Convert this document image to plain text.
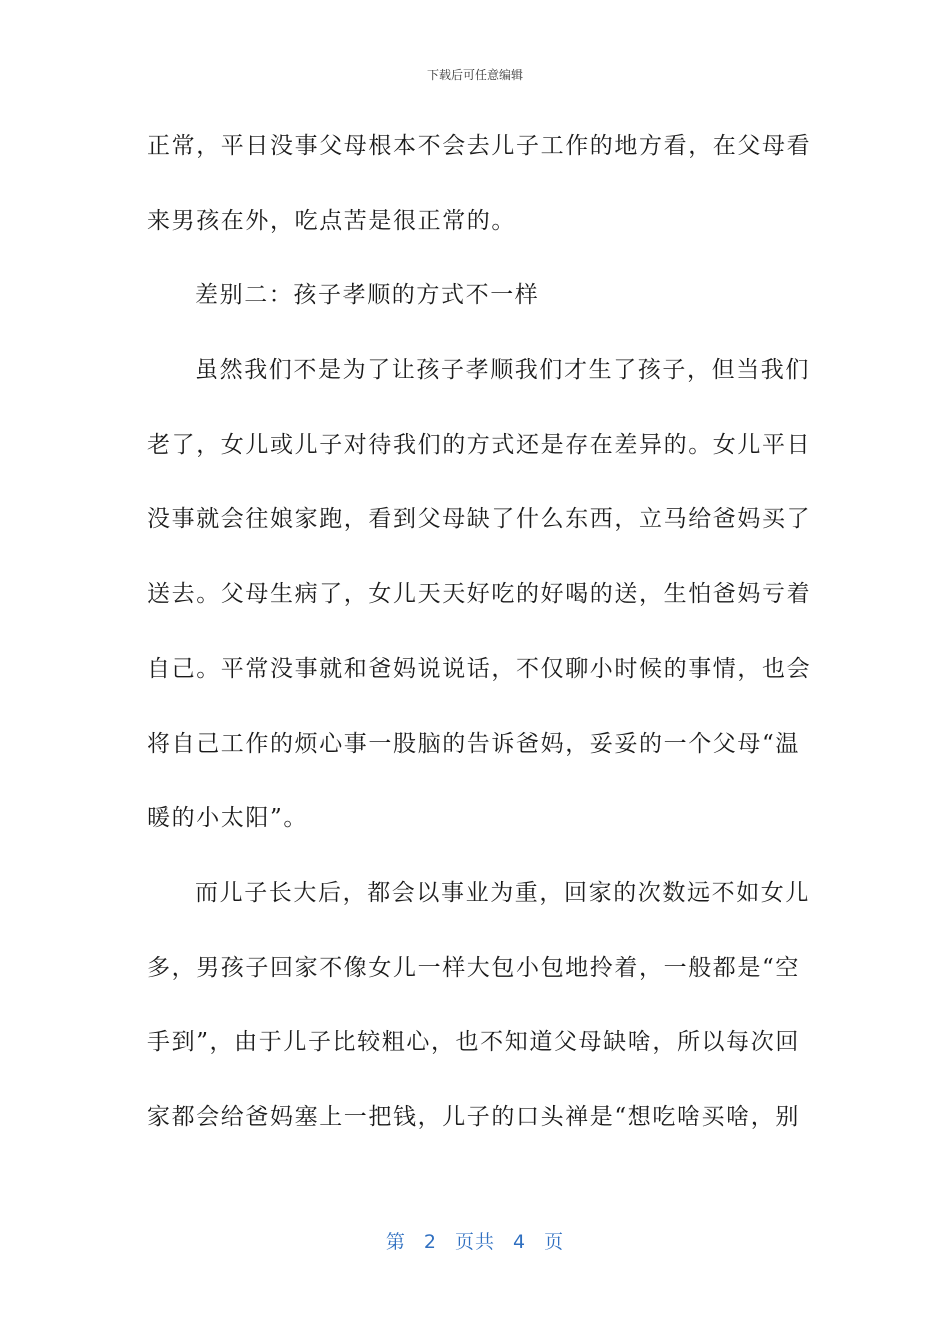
下载后可任意编辑
正常，平日没事父母根本不会去儿子工作的地方看，在父母看
来男孩在外，吃点苦是很正常的。
差别二：孩子孝顺的方式不一样
虽然我们不是为了让孩子孝顺我们才生了孩子，但当我们
老了，女儿或儿子对待我们的方式还是存在差异的。女儿平日
没事就会往娘家跑，看到父母缺了什么东西，立马给爸妈买了
送去。父母生病了，女儿天天好吃的好喝的送，生怕爸妈亏着
自己。平常没事就和爸妈说说话，不仅聊小时候的事情，也会
将自己工作的烦心事一股脑的告诉爸妈，妥妥的一个父母“温
暖的小太阳”。
而儿子长大后，都会以事业为重，回家的次数远不如女儿
多，男孩子回家不像女儿一样大包小包地拎着，一般都是“空
手到”，由于儿子比较粗心，也不知道父母缺啥，所以每次回
家都会给爸妈塞上一把钱，儿子的口头禅是“想吃啥买啥，别
第 2 页共 4 页
